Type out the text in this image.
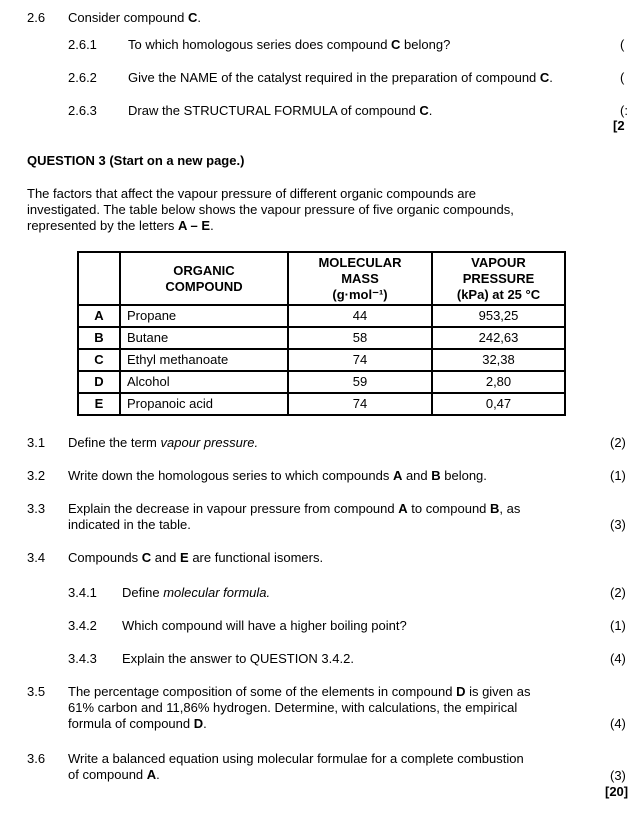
2.6 Consider compound C.
2.6.1 To which homologous series does compound C belong?	(
2.6.2 Give the NAME of the catalyst required in the preparation of compound C.	(
2.6.3 Draw the STRUCTURAL FORMULA of compound C.	(:
[2
QUESTION 3 (Start on a new page.)
The factors that affect the vapour pressure of different organic compounds are
investigated. The table below shows the vapour pressure of five organic compounds,
represented by the letters A – E.
	ORGANIC
COMPOUND	MOLECULAR
MASS
(g·mol⁻¹)	VAPOUR
PRESSURE
(kPa) at 25 °C
A	Propane	44	953,25
B	Butane	58	242,63
C	Ethyl methanoate	74	32,38
D	Alcohol	59	2,80
E	Propanoic acid	74	0,47
3.1 Define the term vapour pressure.	(2)
3.2 Write down the homologous series to which compounds A and B belong.	(1)
3.3 Explain the decrease in vapour pressure from compound A to compound B, as
indicated in the table.	(3)
3.4 Compounds C and E are functional isomers.
3.4.1 Define molecular formula.	(2)
3.4.2 Which compound will have a higher boiling point?	(1)
3.4.3 Explain the answer to QUESTION 3.4.2.	(4)
3.5 The percentage composition of some of the elements in compound D is given as
61% carbon and 11,86% hydrogen. Determine, with calculations, the empirical
formula of compound D.	(4)
3.6 Write a balanced equation using molecular formulae for a complete combustion
of compound A.	(3)
[20]
